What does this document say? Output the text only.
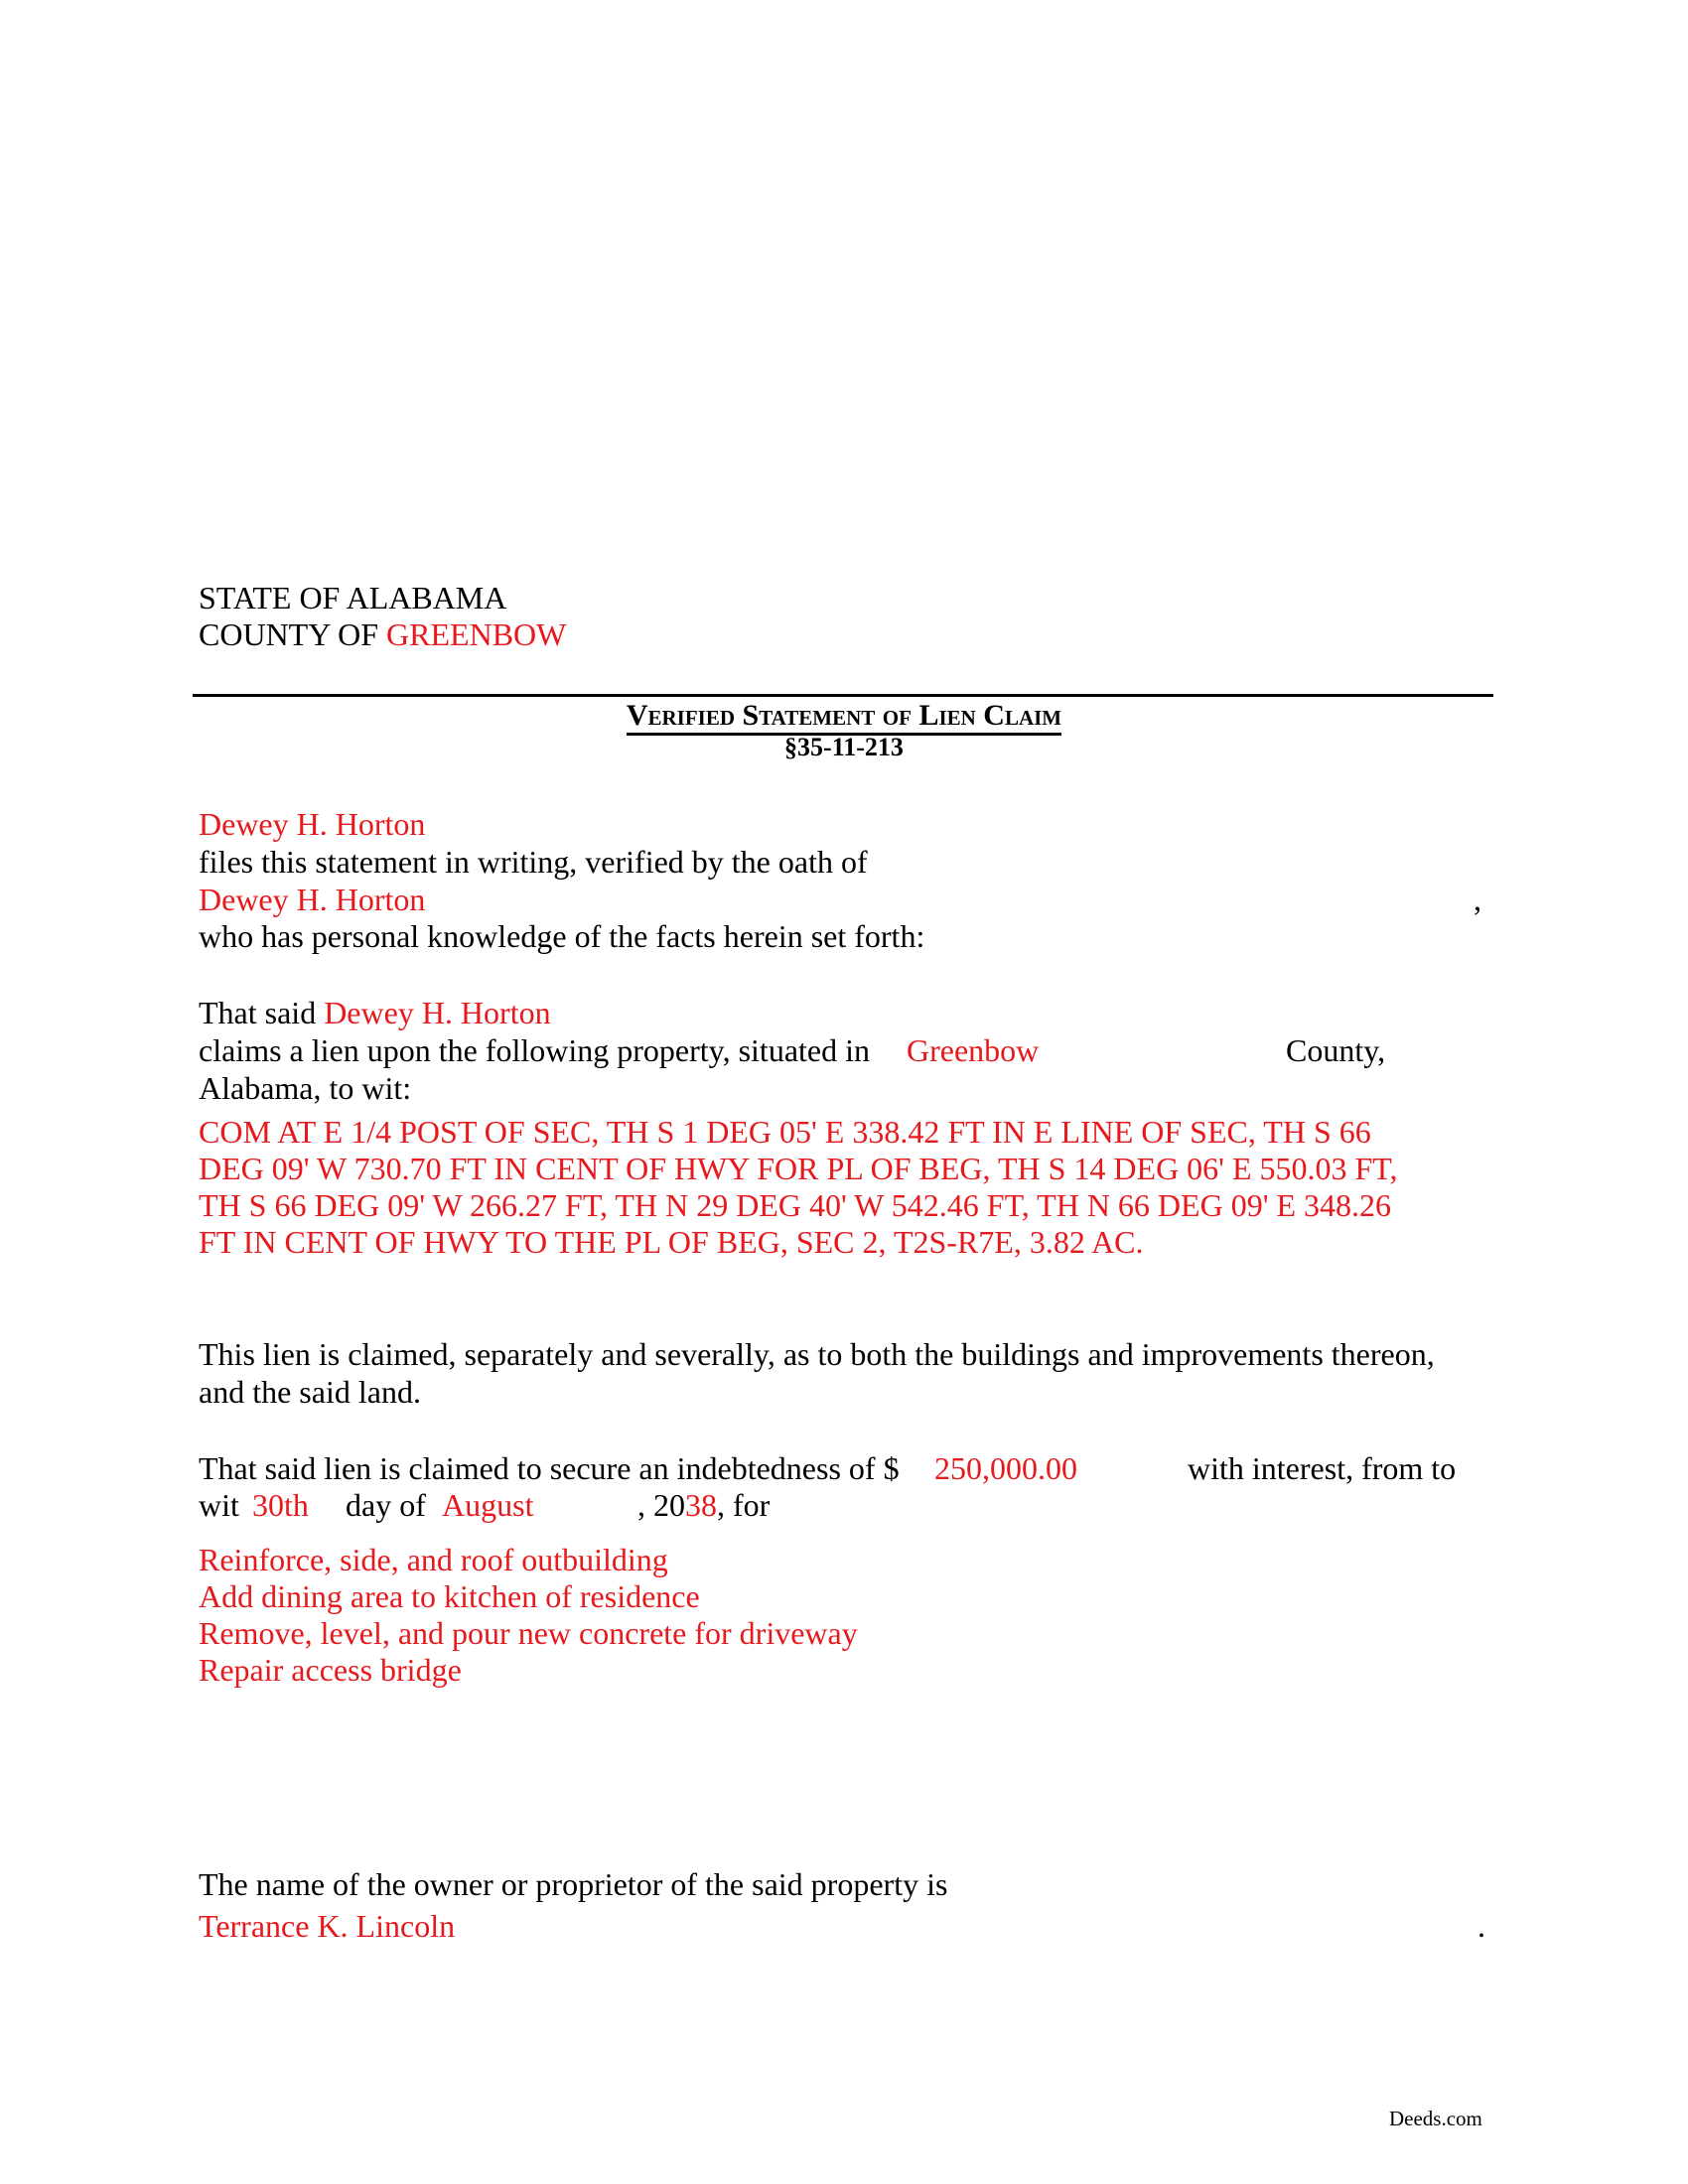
STATE OF ALABAMA
COUNTY OF GREENBOW
Verified Statement of Lien Claim
§35-11-213
Dewey H. Horton
files this statement in writing, verified by the oath of
Dewey H. Horton	,
who has personal knowledge of the facts herein set forth:
That said Dewey H. Horton
claims a lien upon the following property, situated in Greenbow	County,
Alabama, to wit:
COM AT E 1/4 POST OF SEC, TH S 1 DEG 05' E 338.42 FT IN E LINE OF SEC, TH S 66
DEG 09' W 730.70 FT IN CENT OF HWY FOR PL OF BEG, TH S 14 DEG 06' E 550.03 FT,
TH S 66 DEG 09' W 266.27 FT, TH N 29 DEG 40' W 542.46 FT, TH N 66 DEG 09' E 348.26
FT IN CENT OF HWY TO THE PL OF BEG, SEC 2, T2S-R7E, 3.82 AC.
This lien is claimed, separately and severally, as to both the buildings and improvements thereon,
and the said land.
That said lien is claimed to secure an indebtedness of $ 250,000.00	with interest, from to
wit 30th day of August	, 2038, for
Reinforce, side, and roof outbuilding
Add dining area to kitchen of residence
Remove, level, and pour new concrete for driveway
Repair access bridge
The name of the owner or proprietor of the said property is
Terrance K. Lincoln	.
Deeds.com
